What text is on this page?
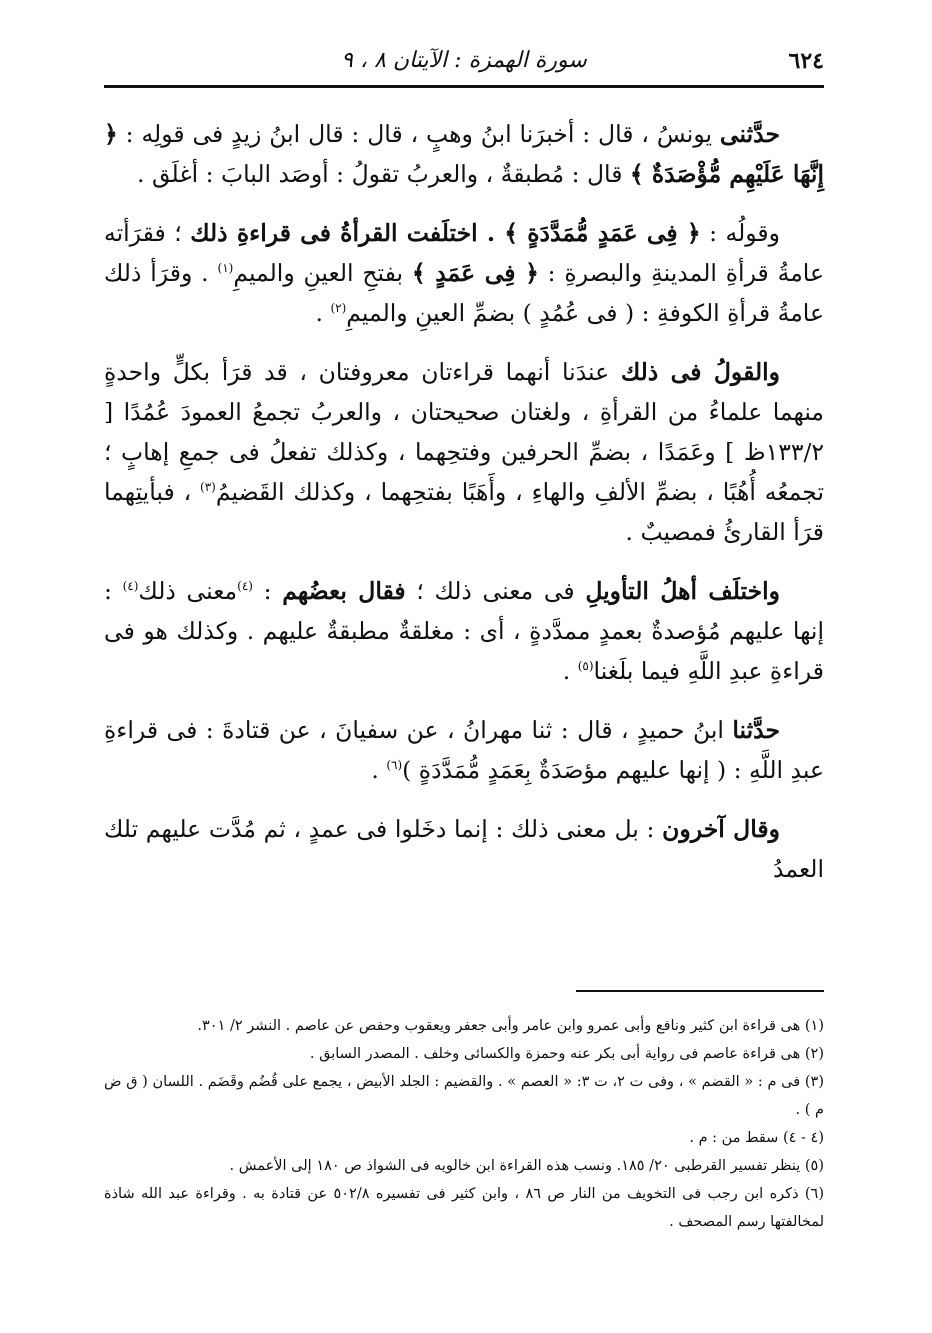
٦٢٤
سورة الهمزة : الآيتان ٨ ، ٩

حدَّثنى يونسُ ، قال : أخبرَنا ابنُ وهبٍ ، قال : قال ابنُ زيدٍ فى قولِه : ﴿ إِنَّهَا عَلَيْهِم مُّؤْصَدَةٌ ﴾ قال : مُطبقةٌ ، والعربُ تقولُ : أوصَد البابَ : أغلَق .

وقولُه : ﴿ فِى عَمَدٍ مُّمَدَّدَةٍ ﴾ . اختلَفت القرأةُ فى قراءةِ ذلك ؛ فقرَأته عامةُ قرأةِ المدينةِ والبصرةِ : ﴿ فِى عَمَدٍ ﴾ بفتحِ العينِ والميمِ$^{(١)}$ . وقرَأ ذلك عامةُ قرأةِ الكوفةِ : ( فى عُمُدٍ ) بضمِّ العينِ والميمِ$^{(٢)}$ .

والقولُ فى ذلك عندَنا أنهما قراءتان معروفتان ، قد قرَأ بكلٍّ واحدةٍ منهما علماءُ من القرأةِ ، ولغتان صحيحتان ، والعربُ تجمعُ العمودَ عُمُدًا [ ١٣٣/٢ظ ] وعَمَدًا ، بضمِّ الحرفين وفتحِهما ، وكذلك تفعلُ فى جمعِ إهابٍ ؛ تجمعُه أُهُبًا ، بضمِّ الألفِ والهاءِ ، وأَهَبًا بفتحِهما ، وكذلك القَضيمُ$^{(٣)}$ ، فبأيتِهما قرَأ القارئُ فمصيبٌ .

واختلَف أهلُ التأويلِ فى معنى ذلك ؛ فقال بعضُهم : $^{(٤)}$معنى ذلك$^{(٤)}$ : إنها عليهم مُؤصدةٌ بعمدٍ ممدَّدةٍ ، أى : مغلقةٌ مطبقةٌ عليهم . وكذلك هو فى قراءةِ عبدِ اللَّهِ فيما بلَغنا$^{(٥)}$ .

حدَّثنا ابنُ حميدٍ ، قال : ثنا مهرانُ ، عن سفيانَ ، عن قتادةَ : فى قراءةِ عبدِ اللَّهِ : ( إنها عليهم مؤصَدَةٌ بِعَمَدٍ مُّمَدَّدَةٍ )$^{(٦)}$ .

وقال آخرون : بل معنى ذلك : إنما دخَلوا فى عمدٍ ، ثم مُدَّت عليهم تلك العمدُ

(١) هى قراءة ابن كثير ونافع وأبى عمرو وابن عامر وأبى جعفر ويعقوب وحفص عن عاصم . النشر ٢/ ٣٠١.

(٢) هى قراءة عاصم فى رواية أبى بكر عنه وحمزة والكسائى وخلف . المصدر السابق .

(٣) فى م : « القضم » ، وفى ت ٢، ت ٣: « العصم » . والقضيم : الجلد الأبيض ، يجمع على قُضُم وقَضَم . اللسان ( ق ض م ) .

(٤ - ٤) سقط من : م .

(٥) ينظر تفسير القرطبى ٢٠/ ١٨٥. ونسب هذه القراءة ابن خالويه فى الشواذ ص ١٨٠ إلى الأعمش .

(٦) ذكره ابن رجب فى التخويف من النار ص ٨٦ ، وابن كثير فى تفسيره ٥٠٢/٨ عن قتادة به . وقراءة عبد الله شاذة لمخالفتها رسم المصحف .
